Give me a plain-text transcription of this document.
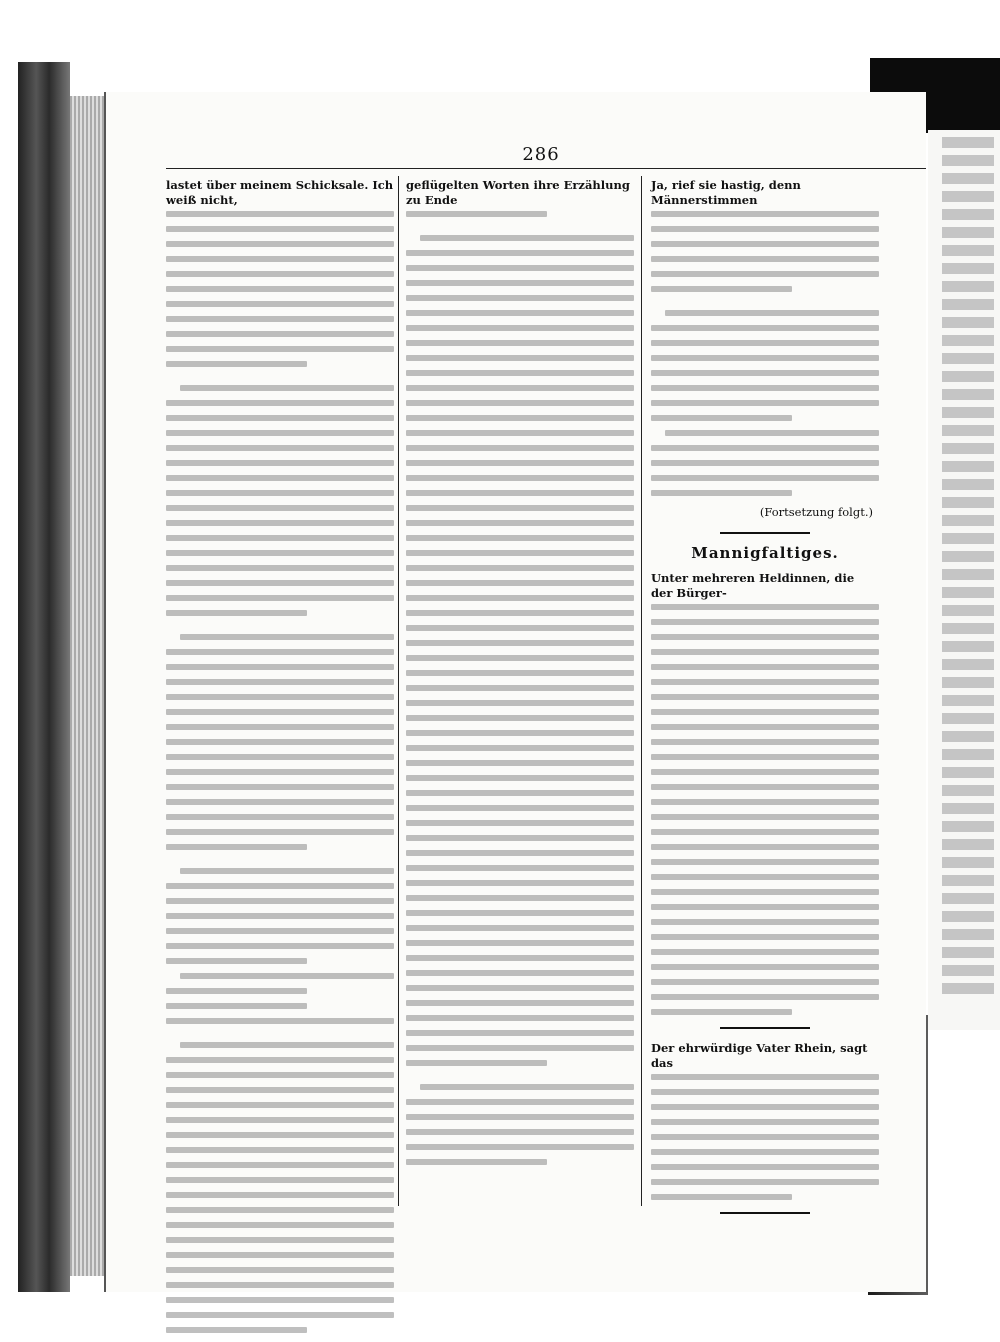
286
lastet über meinem Schicksale. Ich weiß nicht,
geflügelten Worten ihre Erzählung zu Ende
Ja, rief sie hastig, denn Männerstimmen
(Fortsetzung folgt.)
Mannigfaltiges.
Unter mehreren Heldinnen, die der Bürger-
Der ehrwürdige Vater Rhein, sagt das
